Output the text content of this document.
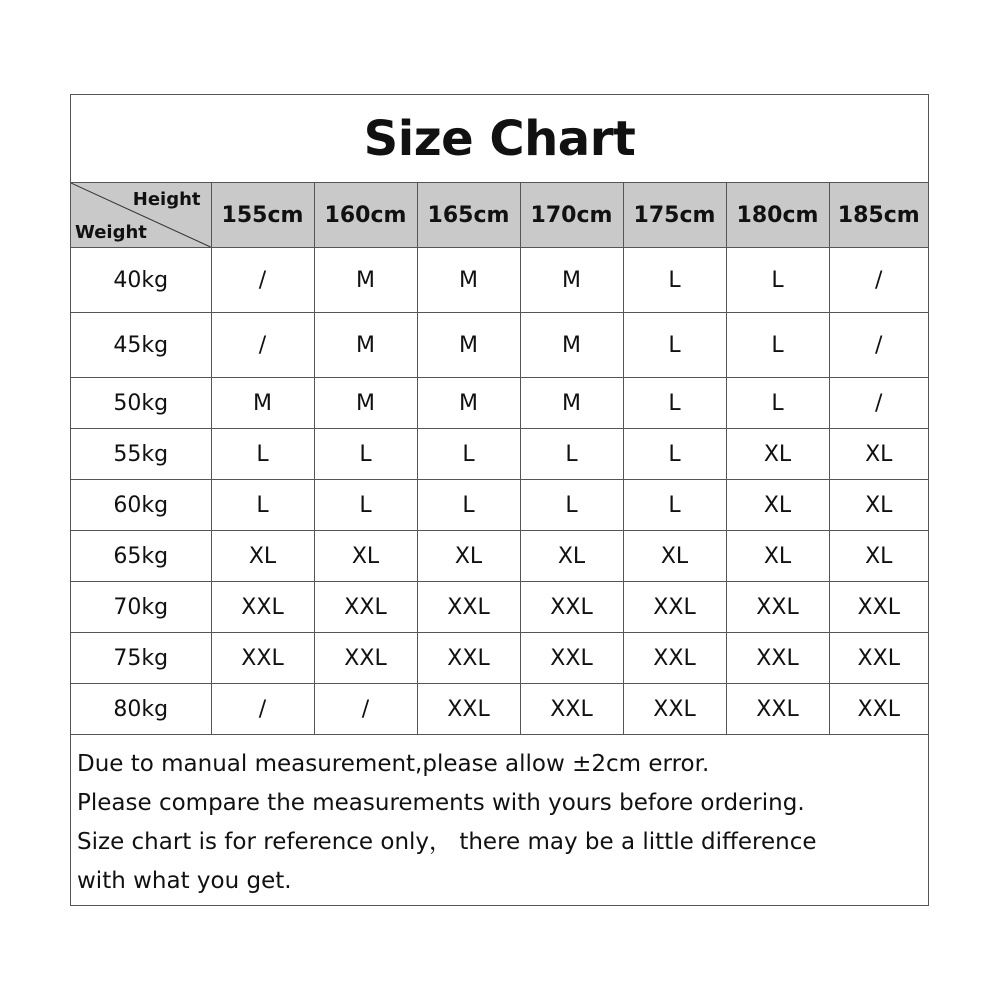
Size Chart
Height
Weight	155cm	160cm	165cm	170cm	175cm	180cm	185cm
40kg	/	M	M	M	L	L	/
45kg	/	M	M	M	L	L	/
50kg	M	M	M	M	L	L	/
55kg	L	L	L	L	L	XL	XL
60kg	L	L	L	L	L	XL	XL
65kg	XL	XL	XL	XL	XL	XL	XL
70kg	XXL	XXL	XXL	XXL	XXL	XXL	XXL
75kg	XXL	XXL	XXL	XXL	XXL	XXL	XXL
80kg	/	/	XXL	XXL	XXL	XXL	XXL
Due to manual measurement,please allow ±2cm error.
Please compare the measurements with yours before ordering.
Size chart is for reference only， there may be a little difference
with what you get.
